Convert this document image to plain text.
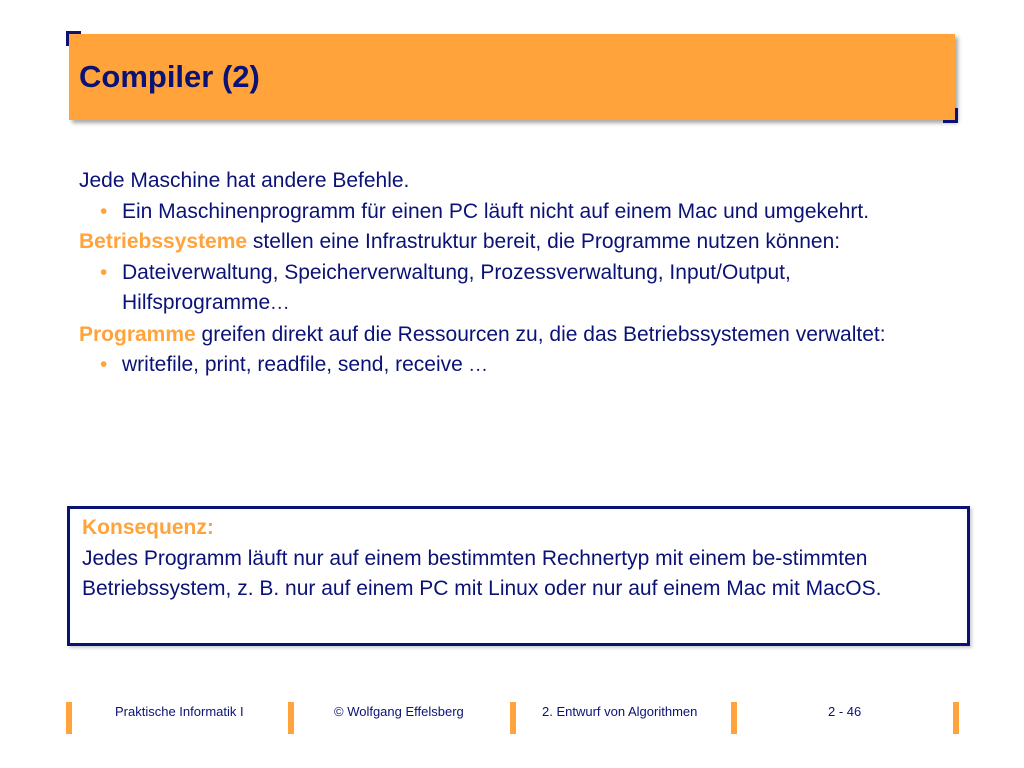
Compiler (2)

Jede Maschine hat andere Befehle.

• Ein Maschinenprogramm für einen PC läuft nicht auf einem Mac und umgekehrt.

Betriebssysteme stellen eine Infrastruktur bereit, die Programme nutzen können:

• Dateiverwaltung, Speicherverwaltung, Prozessverwaltung, Input/Output, Hilfsprogramme…

Programme greifen direkt auf die Ressourcen zu, die das Betriebssystemen verwaltet:

• writefile, print, readfile, send, receive …

Konsequenz:
Jedes Programm läuft nur auf einem bestimmten Rechnertyp mit einem be-stimmten Betriebssystem, z. B. nur auf einem PC mit Linux oder nur auf einem Mac mit MacOS.
Praktische Informatik I	© Wolfgang Effelsberg	2. Entwurf von Algorithmen	2 - 46
